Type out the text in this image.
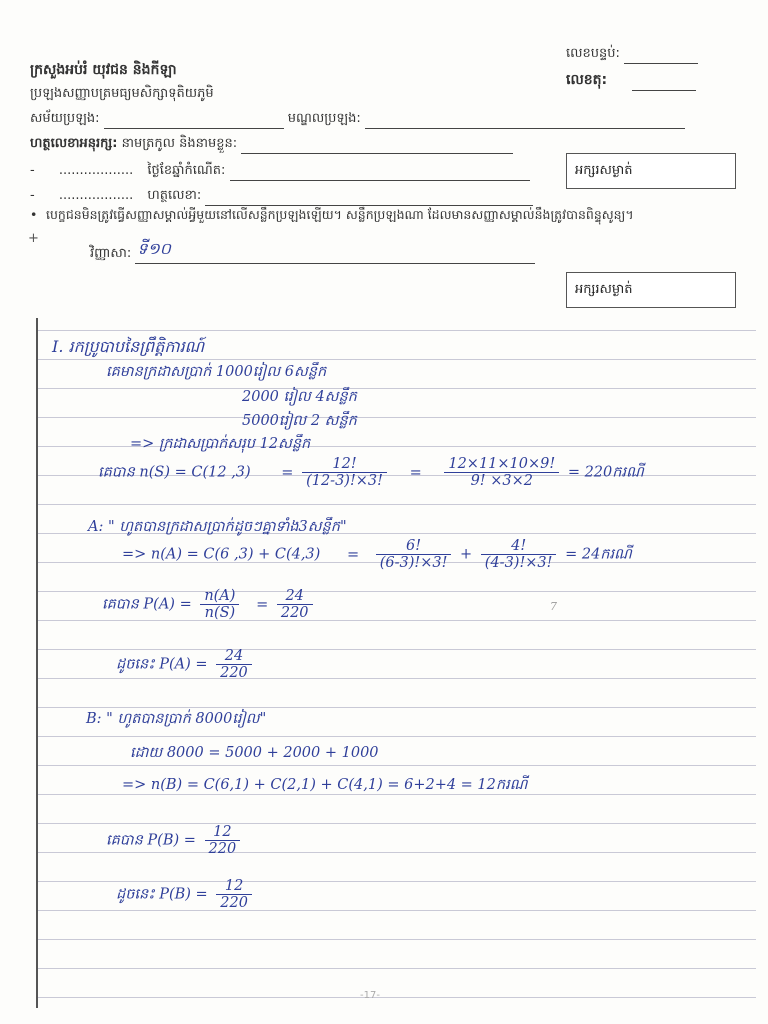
ក្រសួងអប់រំ យុវជន និងកីឡា
ប្រឡងសញ្ញាបត្រមធ្យមសិក្សាទុតិយភូមិ
សម័យប្រឡង:	មណ្ឌលប្រឡង:
ហត្ថលេខាអនុរក្ស: នាមត្រកូល និងនាមខ្លួន:
- .................. ថ្ងៃខែឆ្នាំកំណើត:
- .................. ហត្ថលេខា:
លេខបន្ទប់:
លេខតុ:
អក្សរសម្ងាត់
• បេក្ខជនមិនត្រូវធ្វើសញ្ញាសម្គាល់អ្វីមួយនៅលើសន្លឹកប្រឡងឡើយ។ សន្លឹកប្រឡងណា ដែលមានសញ្ញាសម្គាល់នឹងត្រូវបានពិន្ទុសូន្យ។
+
វិញ្ញាសា: ទី១០
អក្សរសម្ងាត់
I. រកប្រូបាបនៃព្រឹត្តិការណ៍
គេមានក្រដាសប្រាក់ 1000រៀល 6សន្លឹក
2000 រៀល 4សន្លឹក
5000រៀល 2 សន្លឹក
=> ក្រដាសប្រាក់សរុប 12សន្លឹក
គេបាន n(S) = C(12 $,3) = \frac{12!}{(12-3)!\times 3!} = \frac{12\times 11\times 10\times 9!}{9! \times 3\times 2} = 220$ករណី
A: " ហូតបានក្រដាសប្រាក់ដូចៗគ្នាទាំង3សន្លឹក"
=> n(A) = C(6 $,3) + C(4,3) = \frac{6!}{(6-3)!\times 3!} + \frac{4!}{(4-3)!\times 3!} = 24$ករណី
គេបាន $P(A) = \frac{n(A)}{n(S)} = \frac{24}{220}$	7
ដូចនេះ $P(A) = \frac{24}{220}$
B: " ហូតបានប្រាក់ 8000រៀល"
ដោយ 8000 = 5000 + 2000 + 1000
=> n(B) = C(6,1) + C(2,1) + C(4,1) = 6+2+4 = 12ករណី
គេបាន $P(B) = \frac{12}{220}$
ដូចនេះ $P(B) = \frac{12}{220}$
-17-
